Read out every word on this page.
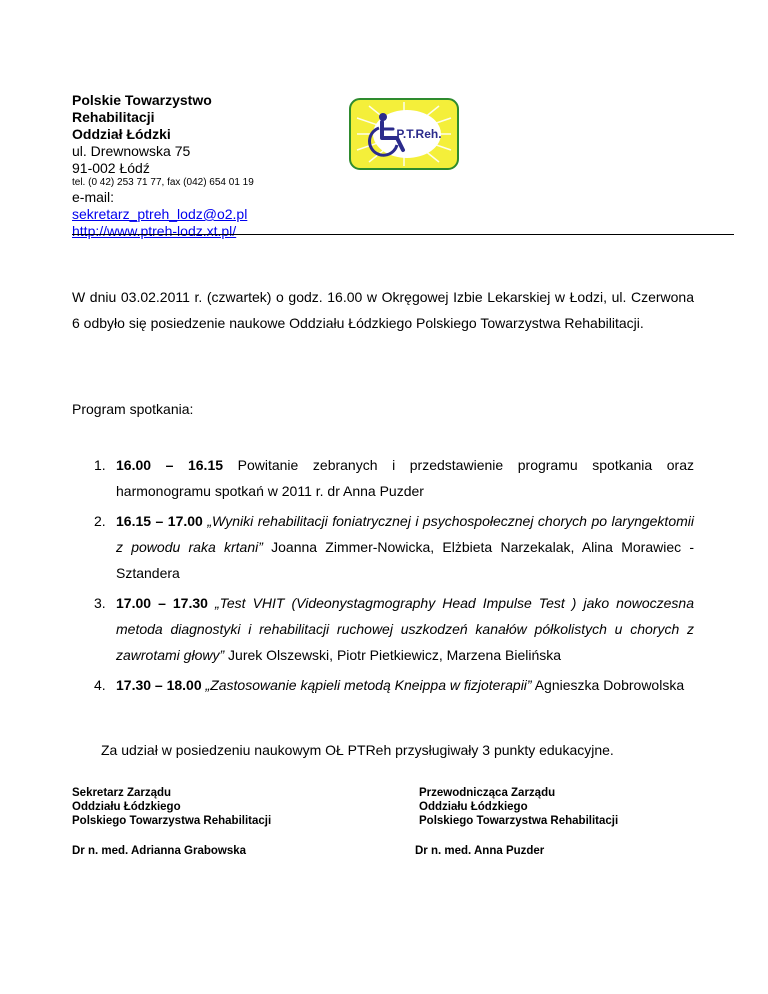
Polskie Towarzystwo
Rehabilitacji
Oddział Łódzki
ul. Drewnowska 75
91-002 Łódź
tel. (0 42) 253 71 77, fax (042) 654 01 19
e-mail:
sekretarz_ptreh_lodz@o2.pl
http://www.ptreh-lodz.xt.pl/
P.T.Reh.
W dniu 03.02.2011 r. (czwartek) o godz. 16.00 w Okręgowej Izbie Lekarskiej w Łodzi, ul. Czerwona 6 odbyło się posiedzenie naukowe Oddziału Łódzkiego Polskiego Towarzystwa Rehabilitacji.
Program spotkania:
1. 16.00 – 16.15 Powitanie zebranych i przedstawienie programu spotkania oraz harmonogramu spotkań w 2011 r. dr Anna Puzder
2. 16.15 – 17.00 „Wyniki rehabilitacji foniatrycznej i psychospołecznej chorych po laryngektomii z powodu raka krtani” Joanna Zimmer-Nowicka, Elżbieta Narzekalak, Alina Morawiec -Sztandera
3. 17.00 – 17.30 „Test VHIT (Videonystagmography Head Impulse Test ) jako nowoczesna metoda diagnostyki i rehabilitacji ruchowej uszkodzeń kanałów półkolistych u chorych z zawrotami głowy” Jurek Olszewski, Piotr Pietkiewicz, Marzena Bielińska
4. 17.30 – 18.00 „Zastosowanie kąpieli metodą Kneippa w fizjoterapii” Agnieszka Dobrowolska
Za udział w posiedzeniu naukowym OŁ PTReh przysługiwały 3 punkty edukacyjne.
Sekretarz Zarządu
Oddziału Łódzkiego
Polskiego Towarzystwa Rehabilitacji
Dr n. med. Adrianna Grabowska
Przewodnicząca Zarządu
Oddziału Łódzkiego
Polskiego Towarzystwa Rehabilitacji
Dr n. med. Anna Puzder
